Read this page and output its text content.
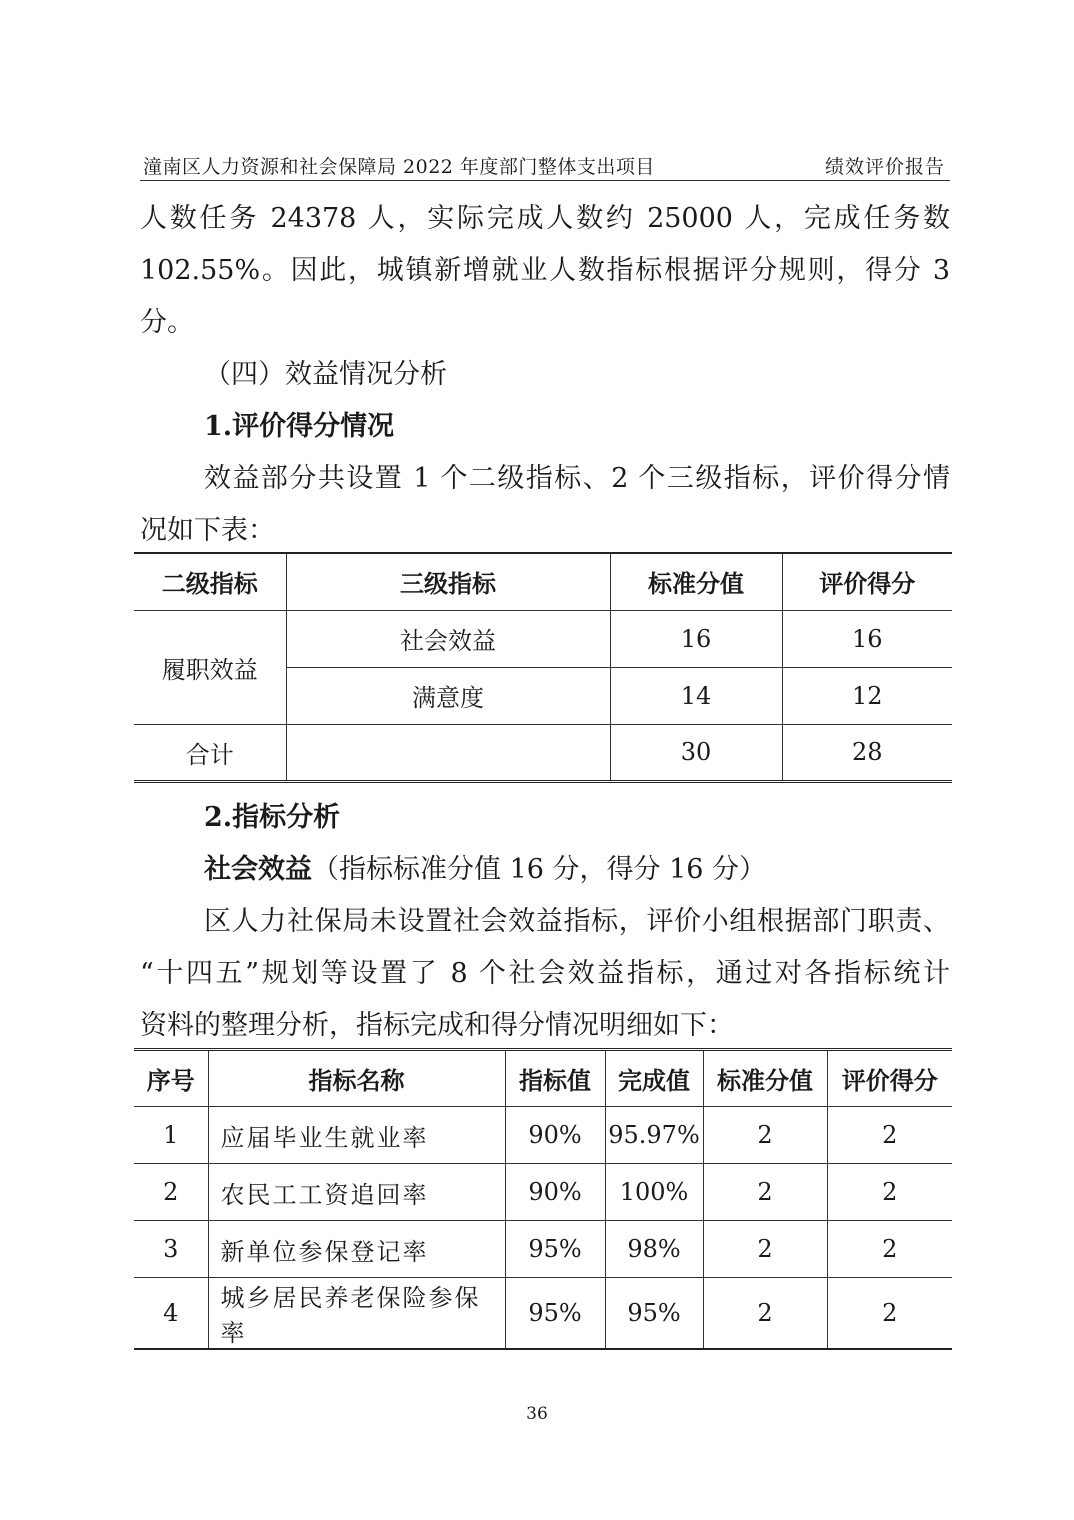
潼南区人力资源和社会保障局 2022 年度部门整体支出项目	绩效评价报告
人数任务 24378 人，实际完成人数约 25000 人，完成任务数
102.55%。因此，城镇新增就业人数指标根据评分规则，得分 3
分。
（四）效益情况分析
1.评价得分情况
效益部分共设置 1 个二级指标、2 个三级指标，评价得分情
况如下表：
二级指标	三级指标	标准分值	评价得分
履职效益	社会效益	16	16
	满意度	14	12
合计		30	28
2.指标分析
社会效益（指标标准分值 16 分，得分 16 分）
区人力社保局未设置社会效益指标，评价小组根据部门职责、
“十四五”规划等设置了 8 个社会效益指标，通过对各指标统计
资料的整理分析，指标完成和得分情况明细如下：
序号	指标名称	指标值	完成值	标准分值	评价得分
1	应届毕业生就业率	90%	95.97%	2	2
2	农民工工资追回率	90%	100%	2	2
3	新单位参保登记率	95%	98%	2	2
4	城乡居民养老保险参保率	95%	95%	2	2
36
